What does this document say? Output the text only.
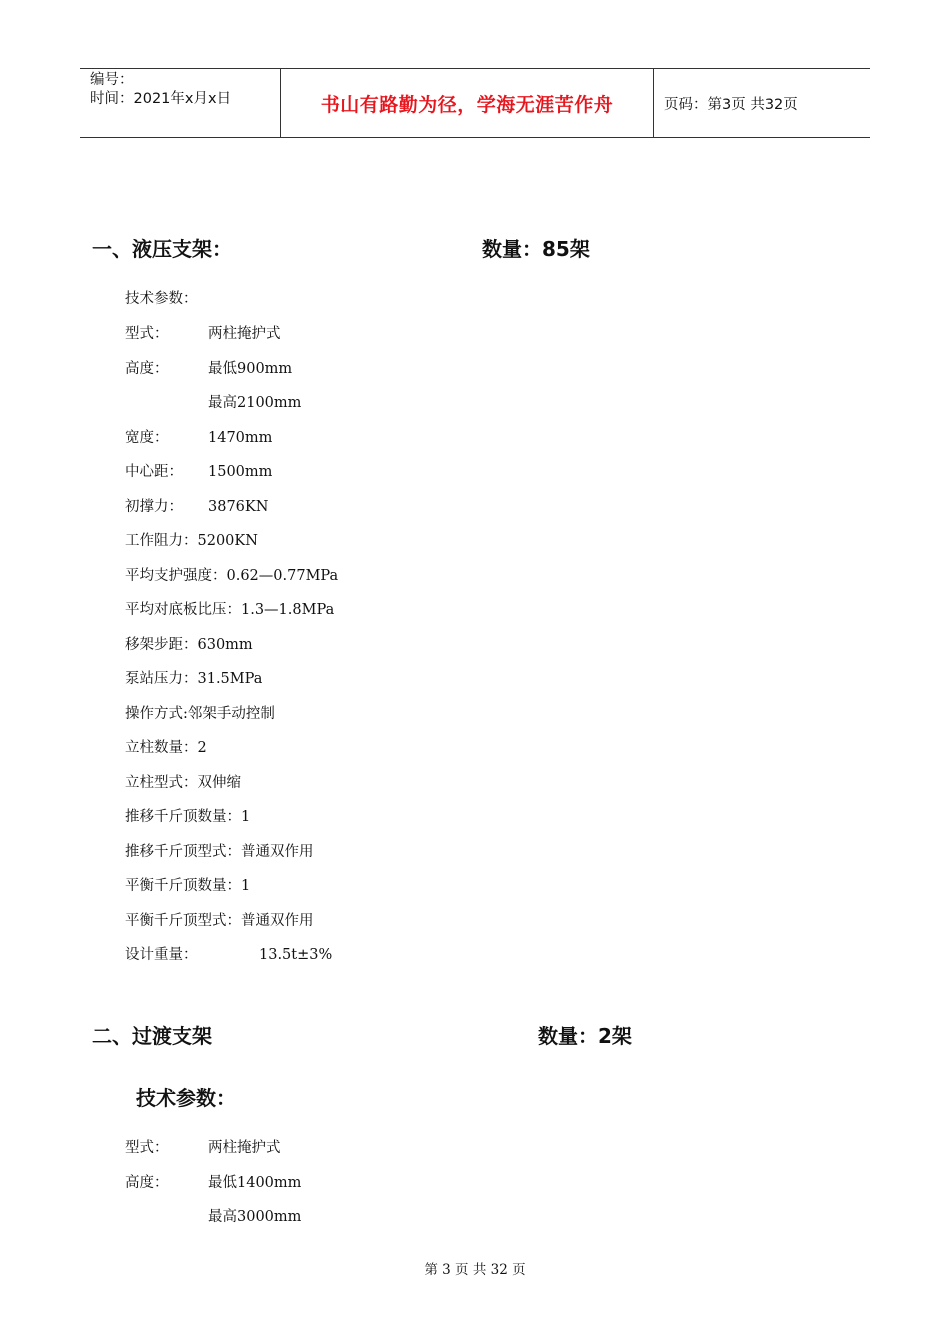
编号：
时间：2021年x月x日	书山有路勤为径，学海无涯苦作舟	页码：第3页 共32页
一、液压支架：	数量：85架
技术参数：
型式：	两柱掩护式
高度：	最低900mm
最高2100mm
宽度：	1470mm
中心距： 1500mm
初撑力： 3876KN
工作阻力：5200KN
平均支护强度：0.62—0.77MPa
平均对底板比压：1.3—1.8MPa
移架步距：630mm
泵站压力：31.5MPa
操作方式:邻架手动控制
立柱数量：2
立柱型式：双伸缩
推移千斤顶数量：1
推移千斤顶型式：普通双作用
平衡千斤顶数量：1
平衡千斤顶型式：普通双作用
设计重量：	13.5t±3%
二、过渡支架	数量：2架
技术参数：
型式：	两柱掩护式
高度：	最低1400mm
最高3000mm
第 3 页 共 32 页
